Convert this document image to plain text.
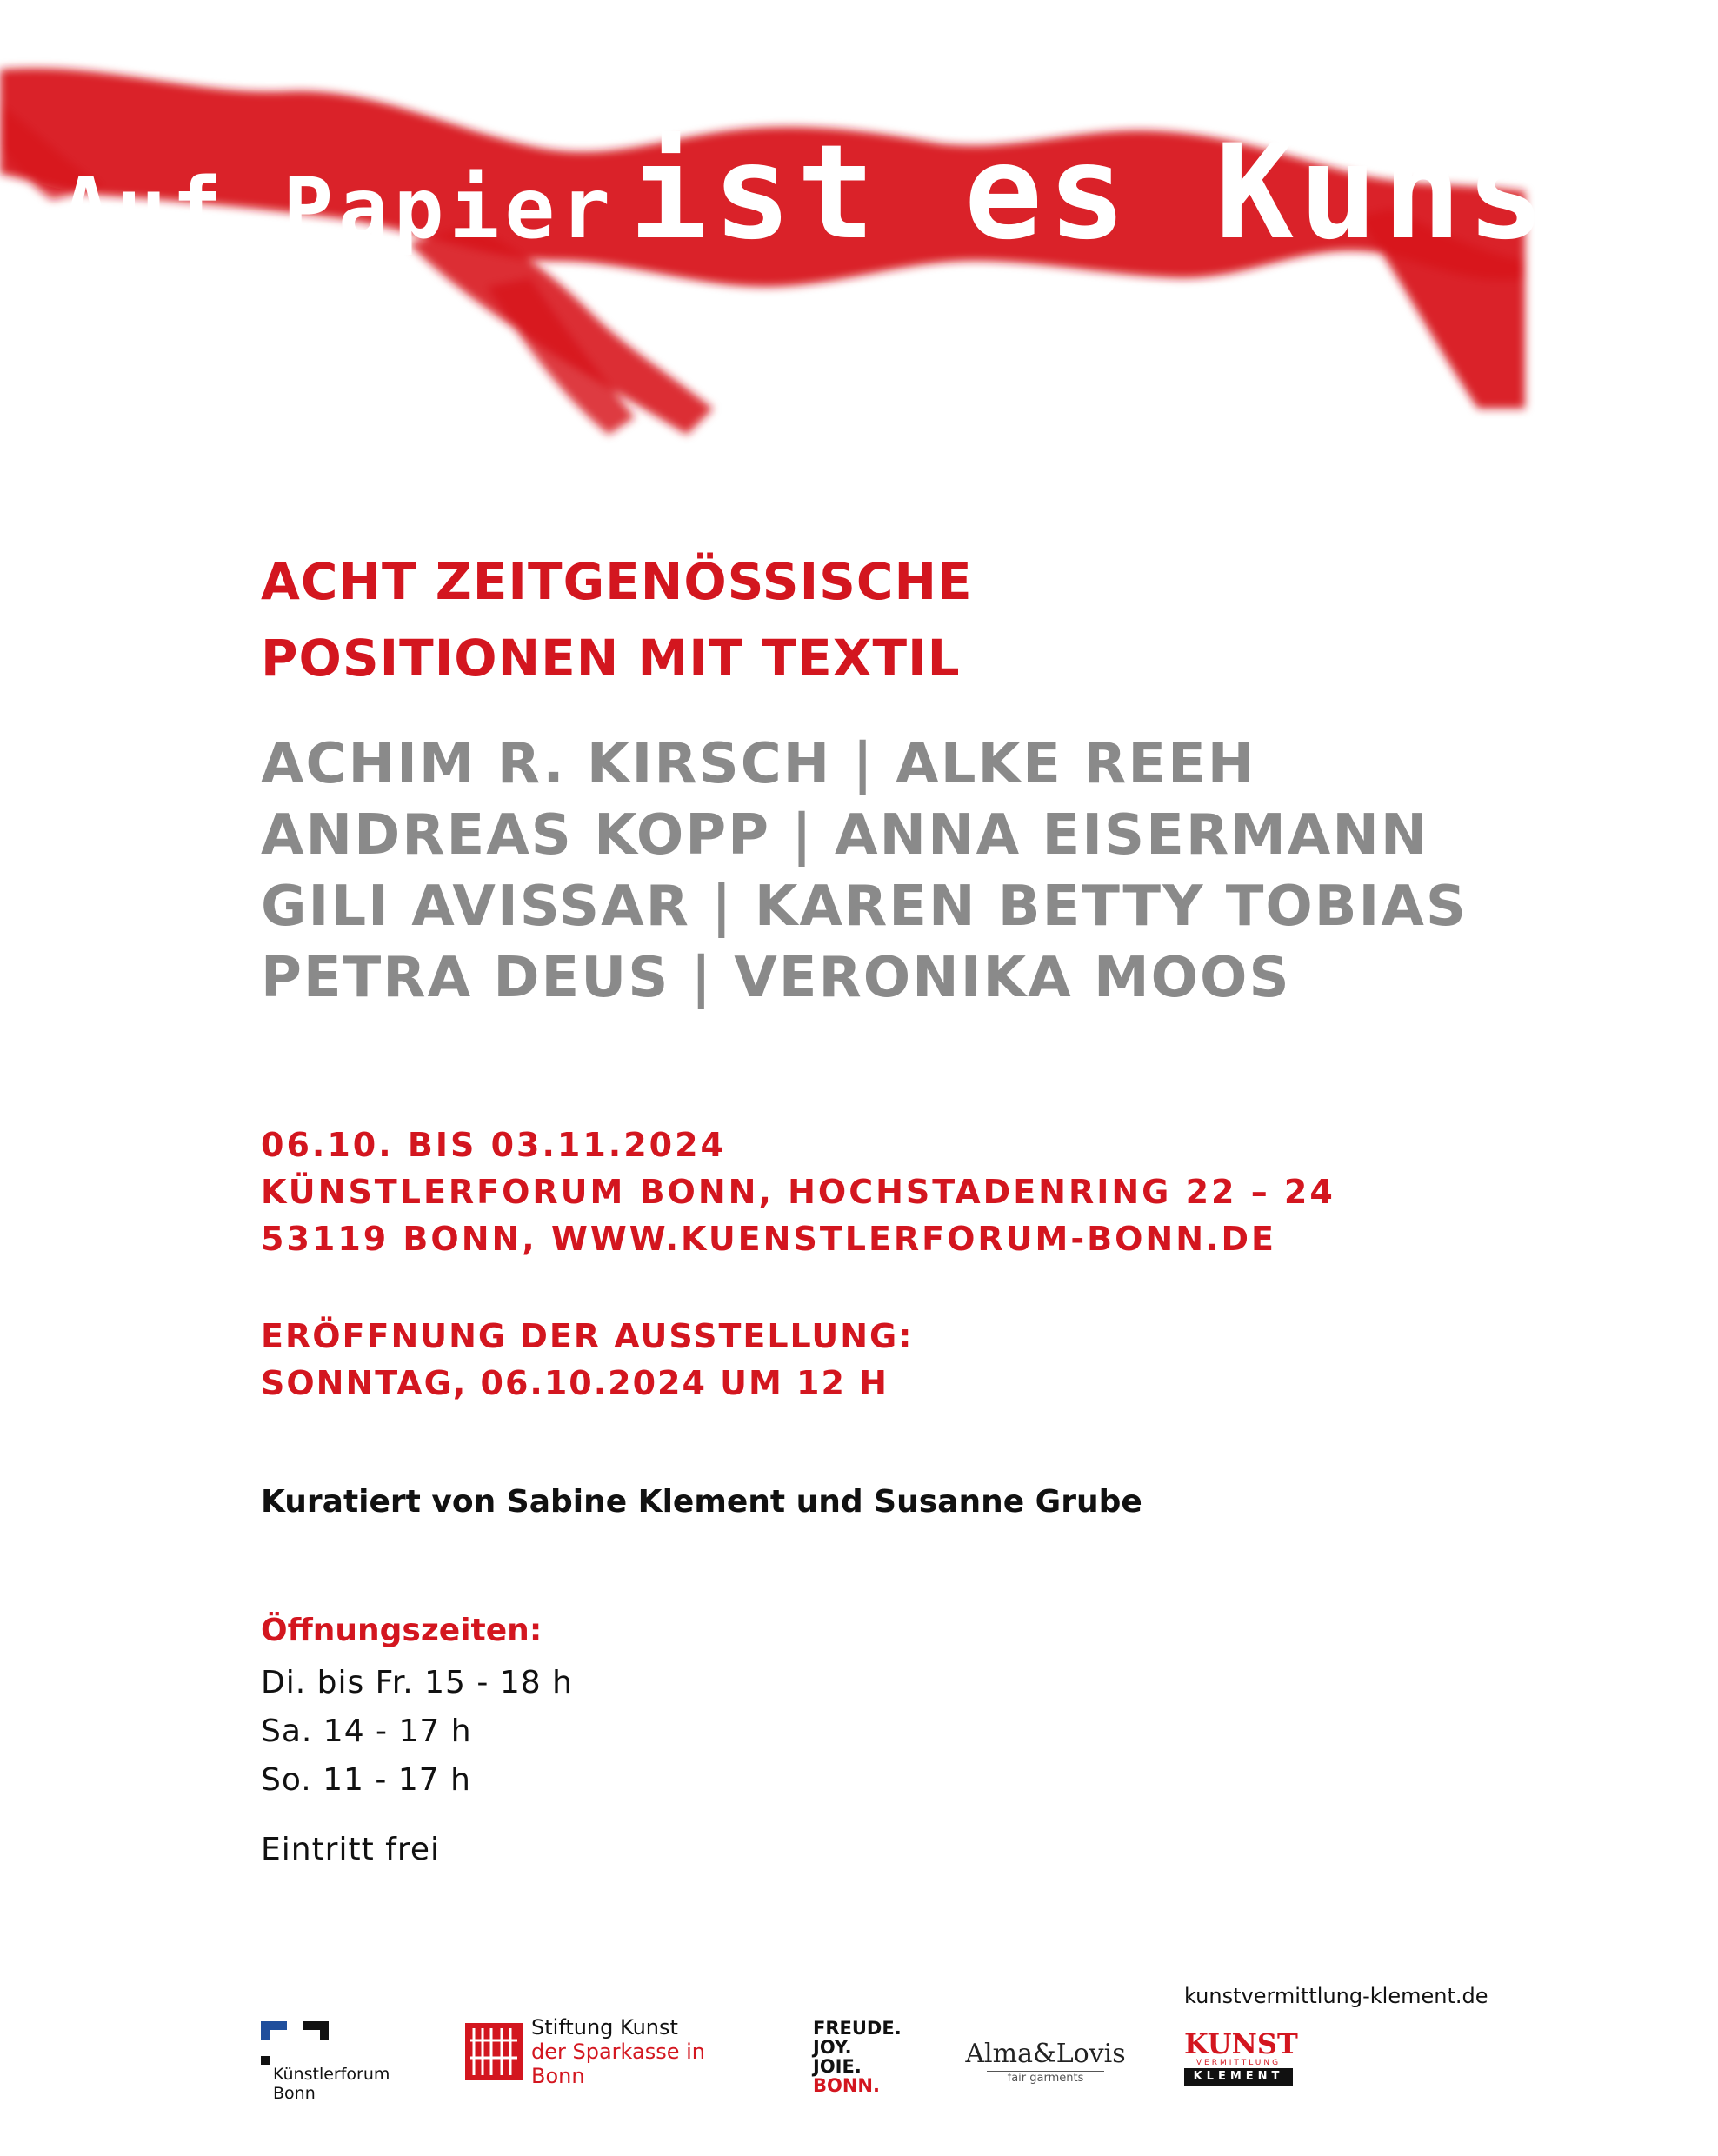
Auf Papier ist es Kunst.
ACHT ZEITGENÖSSISCHE
POSITIONEN MIT TEXTIL
ACHIM R. KIRSCH | ALKE REEH
ANDREAS KOPP | ANNA EISERMANN
GILI AVISSAR | KAREN BETTY TOBIAS
PETRA DEUS | VERONIKA MOOS
06.10. BIS 03.11.2024
KÜNSTLERFORUM BONN, HOCHSTADENRING 22 – 24
53119 BONN, WWW.KUENSTLERFORUM-BONN.DE
ERÖFFNUNG DER AUSSTELLUNG:
SONNTAG, 06.10.2024 UM 12 H
Kuratiert von Sabine Klement und Susanne Grube
Öffnungszeiten:
Di. bis Fr. 15 - 18 h
Sa. 14 - 17 h
So. 11 - 17 h
Eintritt frei
kunstvermittlung-klement.de
Künstlerforum
Bonn
Stiftung Kunst
der Sparkasse in Bonn
FREUDE.
JOY.
JOIE.
BONN.
Alma&Lovis
fair garments
KUNST
VERMITTLUNG
KLEMENT
